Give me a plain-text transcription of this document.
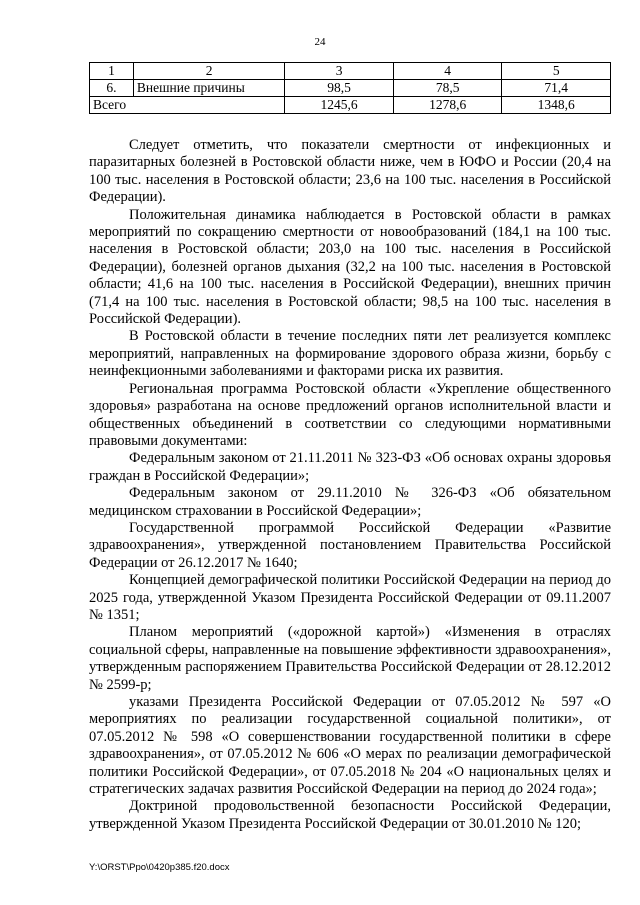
24
1	2	3	4	5
6.	Внешние причины	98,5	78,5	71,4
Всего		1245,6	1278,6	1348,6

Следует отметить, что показатели смертности от инфекционных и паразитарных болезней в Ростовской области ниже, чем в ЮФО и России (20,4 на 100 тыс. населения в Ростовской области; 23,6 на 100 тыс. населения в Российской Федерации).

Положительная динамика наблюдается в Ростовской области в рамках мероприятий по сокращению смертности от новообразований (184,1 на 100 тыс. населения в Ростовской области; 203,0 на 100 тыс. населения в Российской Федерации), болезней органов дыхания (32,2 на 100 тыс. населения в Ростовской области; 41,6 на 100 тыс. населения в Российской Федерации), внешних причин (71,4 на 100 тыс. населения в Ростовской области; 98,5 на 100 тыс. населения в Российской Федерации).

В Ростовской области в течение последних пяти лет реализуется комплекс мероприятий, направленных на формирование здорового образа жизни, борьбу с неинфекционными заболеваниями и факторами риска их развития.

Региональная программа Ростовской области «Укрепление общественного здоровья» разработана на основе предложений органов исполнительной власти и общественных объединений в соответствии со следующими нормативными правовыми документами:

Федеральным законом от 21.11.2011 № 323-ФЗ «Об основах охраны здоровья граждан в Российской Федерации»;

Федеральным законом от 29.11.2010 № 326-ФЗ «Об обязательном медицинском страховании в Российской Федерации»;

Государственной программой Российской Федерации «Развитие здравоохранения», утвержденной постановлением Правительства Российской Федерации от 26.12.2017 № 1640;

Концепцией демографической политики Российской Федерации на период до 2025 года, утвержденной Указом Президента Российской Федерации от 09.11.2007 № 1351;

Планом мероприятий («дорожной картой») «Изменения в отраслях социальной сферы, направленные на повышение эффективности здравоохранения», утвержденным распоряжением Правительства Российской Федерации от 28.12.2012 № 2599-р;

указами Президента Российской Федерации от 07.05.2012 № 597 «О мероприятиях по реализации государственной социальной политики», от 07.05.2012 № 598 «О совершенствовании государственной политики в сфере здравоохранения», от 07.05.2012 № 606 «О мерах по реализации демографической политики Российской Федерации», от 07.05.2018 № 204 «О национальных целях и стратегических задачах развития Российской Федерации на период до 2024 года»;

Доктриной продовольственной безопасности Российской Федерации, утвержденной Указом Президента Российской Федерации от 30.01.2010 № 120;

Y:\ORST\Ppo\0420p385.f20.docx
